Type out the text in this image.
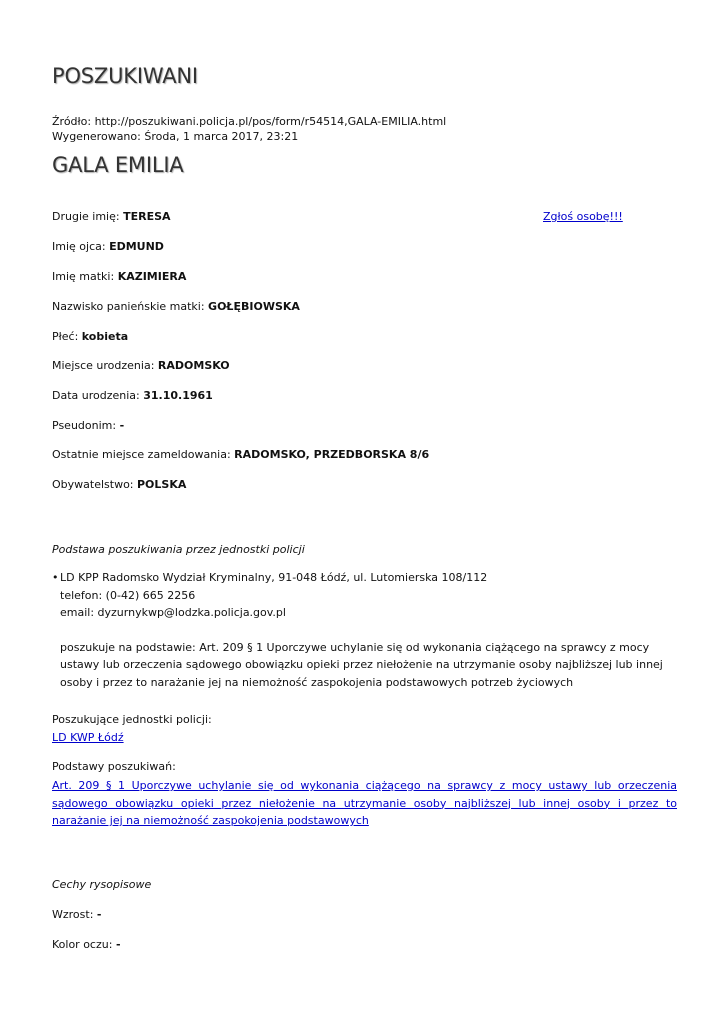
POSZUKIWANI
Źródło: http://poszukiwani.policja.pl/pos/form/r54514,GALA-EMILIA.html
Wygenerowano: Środa, 1 marca 2017, 23:21
GALA EMILIA
Zgłoś osobę!!!
Drugie imię: TERESA
Imię ojca: EDMUND
Imię matki: KAZIMIERA
Nazwisko panieńskie matki: GOŁĘBIOWSKA
Płeć: kobieta
Miejsce urodzenia: RADOMSKO
Data urodzenia: 31.10.1961
Pseudonim: -
Ostatnie miejsce zameldowania: RADOMSKO, PRZEDBORSKA 8/6
Obywatelstwo: POLSKA
Podstawa poszukiwania przez jednostki policji
• LD KPP Radomsko Wydział Kryminalny, 91-048 Łódź, ul. Lutomierska 108/112
telefon: (0-42) 665 2256
email: dyzurnykwp@lodzka.policja.gov.pl
poszukuje na podstawie: Art. 209 § 1 Uporczywe uchylanie się od wykonania ciążącego na sprawcy z mocy ustawy lub orzeczenia sądowego obowiązku opieki przez niełożenie na utrzymanie osoby najbliższej lub innej osoby i przez to narażanie jej na niemożność zaspokojenia podstawowych potrzeb życiowych
Poszukujące jednostki policji:
LD KWP Łódź
Podstawy poszukiwań:
Art. 209 § 1 Uporczywe uchylanie się od wykonania ciążącego na sprawcy z mocy ustawy lub orzeczenia sądowego obowiązku opieki przez niełożenie na utrzymanie osoby najbliższej lub innej osoby i przez to narażanie jej na niemożność zaspokojenia podstawowych
Cechy rysopisowe
Wzrost: -
Kolor oczu: -
